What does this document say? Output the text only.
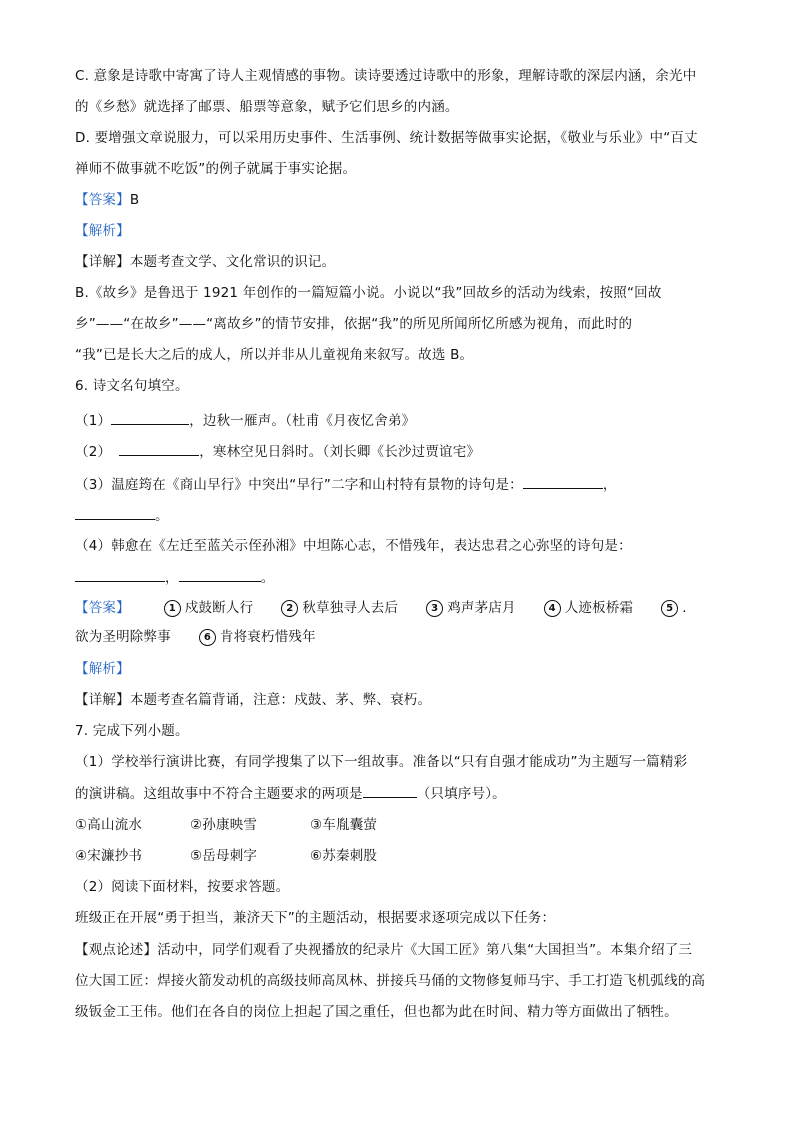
C. 意象是诗歌中寄寓了诗人主观情感的事物。读诗要透过诗歌中的形象，理解诗歌的深层内涵，余光中
的《乡愁》就选择了邮票、船票等意象，赋予它们思乡的内涵。
D. 要增强文章说服力，可以采用历史事件、生活事例、统计数据等做事实论据，《敬业与乐业》中“百丈
禅师不做事就不吃饭”的例子就属于事实论据。
【答案】B
【解析】
【详解】本题考查文学、文化常识的识记。
B.《故乡》是鲁迅于 1921 年创作的一篇短篇小说。小说以“我”回故乡的活动为线索，按照“回故
乡”——“在故乡”——“离故乡”的情节安排，依据“我”的所见所闻所忆所感为视角，而此时的
“我”已是长大之后的成人，所以并非从儿童视角来叙写。故选 B。
6. 诗文名句填空。
（1）	，边秋一雁声。（杜甫《月夜忆舍弟》
（2）	，寒林空见日斜时。（刘长卿《长沙过贾谊宅》
（3）温庭筠在《商山早行》中突出“早行”二字和山村特有景物的诗句是：	，
。
（4）韩愈在《左迁至蓝关示侄孙湘》中坦陈心志，不惜残年，表达忠君之心弥坚的诗句是：
，	。
【答案】	1 戍鼓断人行	2 秋草独寻人去后	3 鸡声茅店月	4 人迹板桥霜	5 .
欲为圣明除弊事	6 肯将衰朽惜残年
【解析】
【详解】本题考查名篇背诵，注意：戍鼓、茅、弊、衰朽。
7. 完成下列小题。
（1）学校举行演讲比赛，有同学搜集了以下一组故事。准备以“只有自强才能成功”为主题写一篇精彩
的演讲稿。这组故事中不符合主题要求的两项是	（只填序号）。
①高山流水	②孙康映雪	③车胤囊萤
④宋濂抄书	⑤岳母刺字	⑥苏秦刺股
（2）阅读下面材料，按要求答题。
班级正在开展“勇于担当，兼济天下”的主题活动，根据要求逐项完成以下任务：
【观点论述】活动中，同学们观看了央视播放的纪录片《大国工匠》第八集“大国担当”。本集介绍了三
位大国工匠：焊接火箭发动机的高级技师高凤林、拼接兵马俑的文物修复师马宇、手工打造飞机弧线的高
级钣金工王伟。他们在各自的岗位上担起了国之重任，但也都为此在时间、精力等方面做出了牺牲。
